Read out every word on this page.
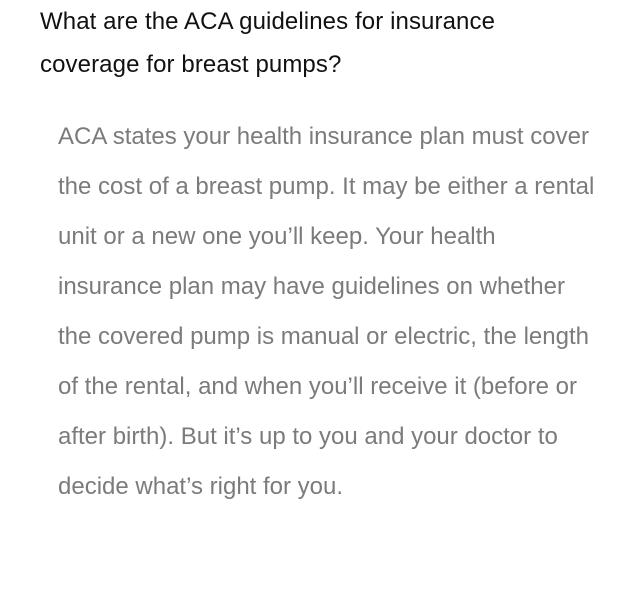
What are the ACA guidelines for insurance coverage for breast pumps?

ACA states your health insurance plan must cover the cost of a breast pump. It may be either a rental unit or a new one you’ll keep. Your health insurance plan may have guidelines on whether the covered pump is manual or electric, the length of the rental, and when you’ll receive it (before or after birth). But it’s up to you and your doctor to decide what’s right for you.
